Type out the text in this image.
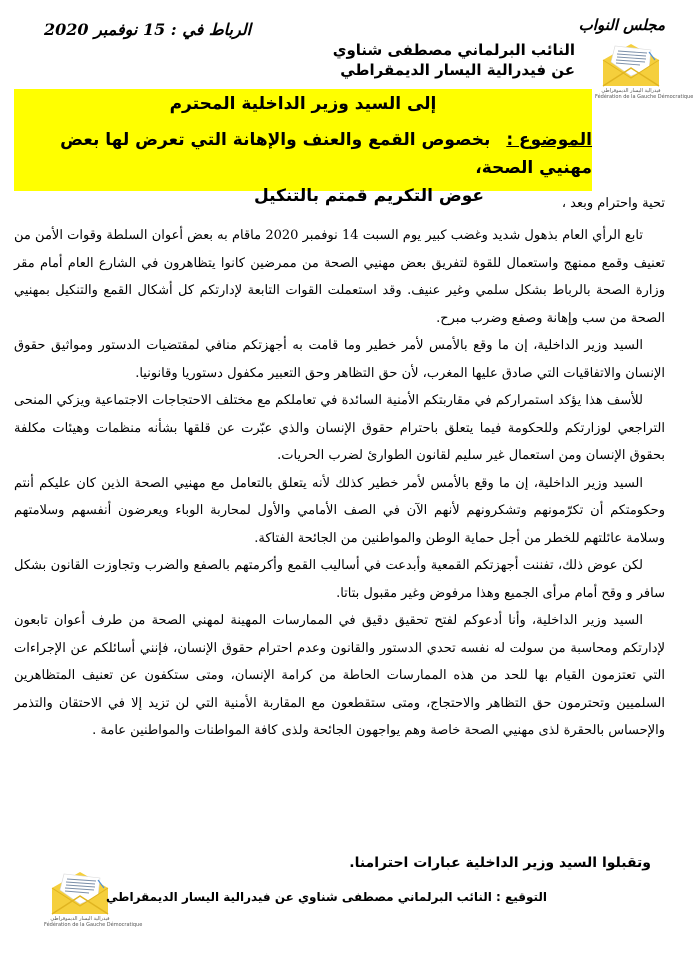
الرباط في : 15 نوفمبر 2020	مجلس النواب
النائب البرلماني مصطفى شناوي
عن فيدرالية اليسار الديمقراطي
فيدرالية اليسار الديموقراطي
Fédération de la Gauche Démocratique
إلى السيد وزير الداخلية المحترم
الموضوع : بخصوص القمع والعنف والإهانة التي تعرض لها بعض مهنيي الصحة،
عوض التكريم قمتم بالتنكيل	تحية واحترام وبعد ،

تابع الرأي العام بذهول شديد وغضب كبير يوم السبت 14 نوفمبر 2020 ماقام به بعض أعوان السلطة وقوات الأمن من تعنيف وقمع ممنهج واستعمال للقوة لتفريق بعض مهنيي الصحة من ممرضين كانوا يتظاهرون في الشارع العام أمام مقر وزارة الصحة بالرباط بشكل سلمي وغير عنيف. وقد استعملت القوات التابعة لإدارتكم كل أشكال القمع والتنكيل بمهنيي الصحة من سب وإهانة وصفع وضرب مبرح.

السيد وزير الداخلية، إن ما وقع بالأمس لأمر خطير وما قامت به أجهزتكم منافي لمقتضيات الدستور ومواثيق حقوق الإنسان والاتفاقيات التي صادق عليها المغرب، لأن حق التظاهر وحق التعبير مكفول دستوريا وقانونيا.

للأسف هذا يؤكد استمراركم في مقاربتكم الأمنية السائدة في تعاملكم مع مختلف الاحتجاجات الاجتماعية ويزكي المنحى التراجعي لوزارتكم وللحكومة فيما يتعلق باحترام حقوق الإنسان والذي عبّرت عن قلقها بشأنه منظمات وهيئات مكلفة بحقوق الإنسان ومن استعمال غير سليم لقانون الطوارئ لضرب الحريات.

السيد وزير الداخلية، إن ما وقع بالأمس لأمر خطير كذلك لأنه يتعلق بالتعامل مع مهنيي الصحة الذين كان عليكم أنتم وحكومتكم أن تكرّمونهم وتشكرونهم لأنهم الآن في الصف الأمامي والأول لمحاربة الوباء ويعرضون أنفسهم وسلامتهم وسلامة عائلتهم للخطر من أجل حماية الوطن والمواطنين من الجائحة الفتاكة.

لكن عوض ذلك، تفننت أجهزتكم القمعية وأبدعت في أساليب القمع وأكرمتهم بالصفع والضرب وتجاوزت القانون بشكل سافر و وقح أمام مرأى الجميع وهذا مرفوض وغير مقبول بتاتا.

السيد وزير الداخلية، وأنا أدعوكم لفتح تحقيق دقيق في الممارسات المهينة لمهني الصحة من طرف أعوان تابعون لإدارتكم ومحاسبة من سولت له نفسه تحدي الدستور والقانون وعدم احترام حقوق الإنسان، فإنني أسائلكم عن الإجراءات التي تعتزمون القيام بها للحد من هذه الممارسات الحاطة من كرامة الإنسان، ومتى ستكفون عن تعنيف المتظاهرين السلميين وتحترمون حق التظاهر والاحتجاج، ومتى ستقطعون مع المقاربة الأمنية التي لن تزيد إلا في الاحتقان والتذمر والإحساس بالحقرة لذى مهنيي الصحة خاصة وهم يواجهون الجائحة ولذى كافة المواطنات والمواطنين عامة .

وتقبلوا السيد وزير الداخلية عبارات احترامنا.
فيدرالية اليسار الديموقراطي
Fédération de la Gauche Démocratique
التوقيع : النائب البرلماني مصطفى شناوي عن فيدرالية اليسار الديمقراطي
